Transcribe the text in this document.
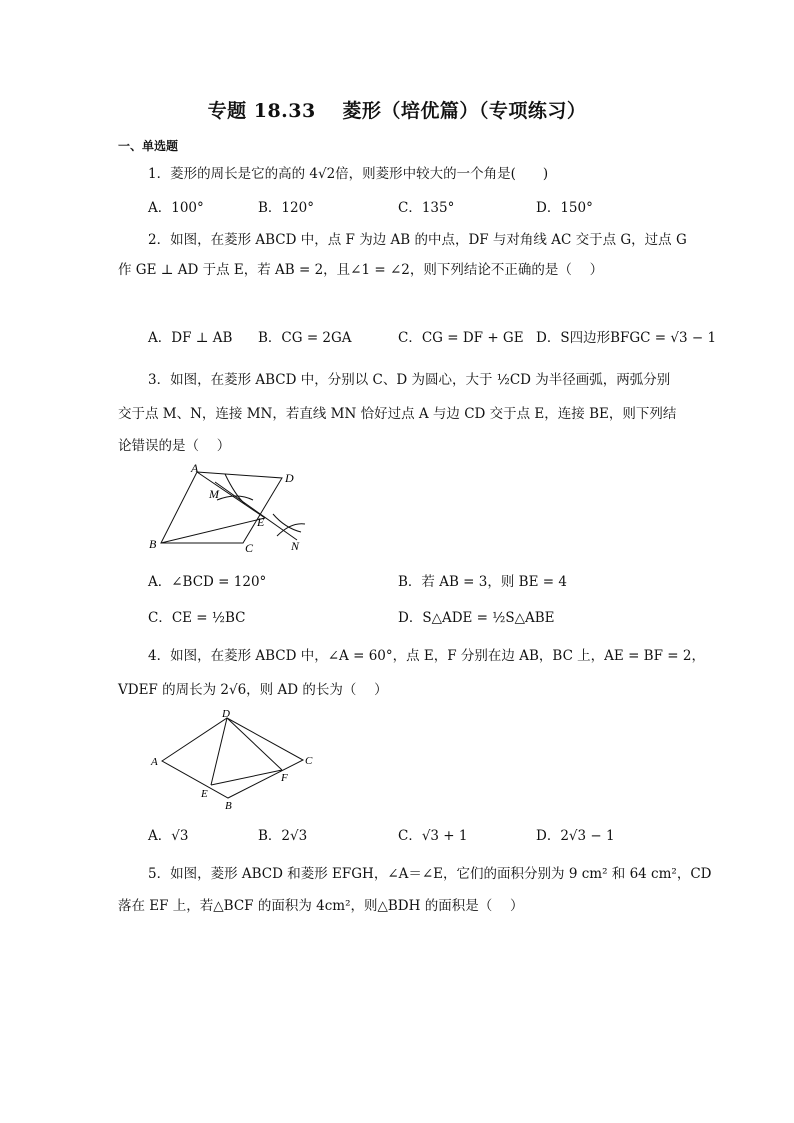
专题 18.33　 菱形（培优篇）（专项练习）
一、单选题
1．菱形的周长是它的高的 4√2倍，则菱形中较大的一个角是(　　)
A．100°	B．120°	C．135°	D．150°
2．如图，在菱形 ABCD 中，点 F 为边 AB 的中点，DF 与对角线 AC 交于点 G，过点 G
作 GE ⊥ AD 于点 E，若 AB = 2，且∠1 = ∠2，则下列结论不正确的是（　 ）
A．DF ⊥ AB B．CG = 2GA	C．CG = DF + GE D．S四边形BFGC = √3 − 1
3．如图，在菱形 ABCD 中，分别以 C、D 为圆心，大于 ½CD 为半径画弧，两弧分别
交于点 M、N，连接 MN，若直线 MN 恰好过点 A 与边 CD 交于点 E，连接 BE，则下列结
论错误的是（　 ）
A
D
M
E
N
B	C
A．∠BCD = 120°	B．若 AB = 3，则 BE = 4
C．CE = ½BC	D．S△ADE = ½S△ABE
4．如图，在菱形 ABCD 中，∠A = 60°，点 E，F 分别在边 AB，BC 上，AE = BF = 2，
VDEF 的周长为 2√6，则 AD 的长为（　 ）
D
A	C
F
E
B
A．√3	B．2√3	C．√3 + 1	D．2√3 − 1
5．如图，菱形 ABCD 和菱形 EFGH，∠A＝∠E，它们的面积分别为 9 cm² 和 64 cm²，CD
落在 EF 上，若△BCF 的面积为 4cm²，则△BDH 的面积是（　 ）
